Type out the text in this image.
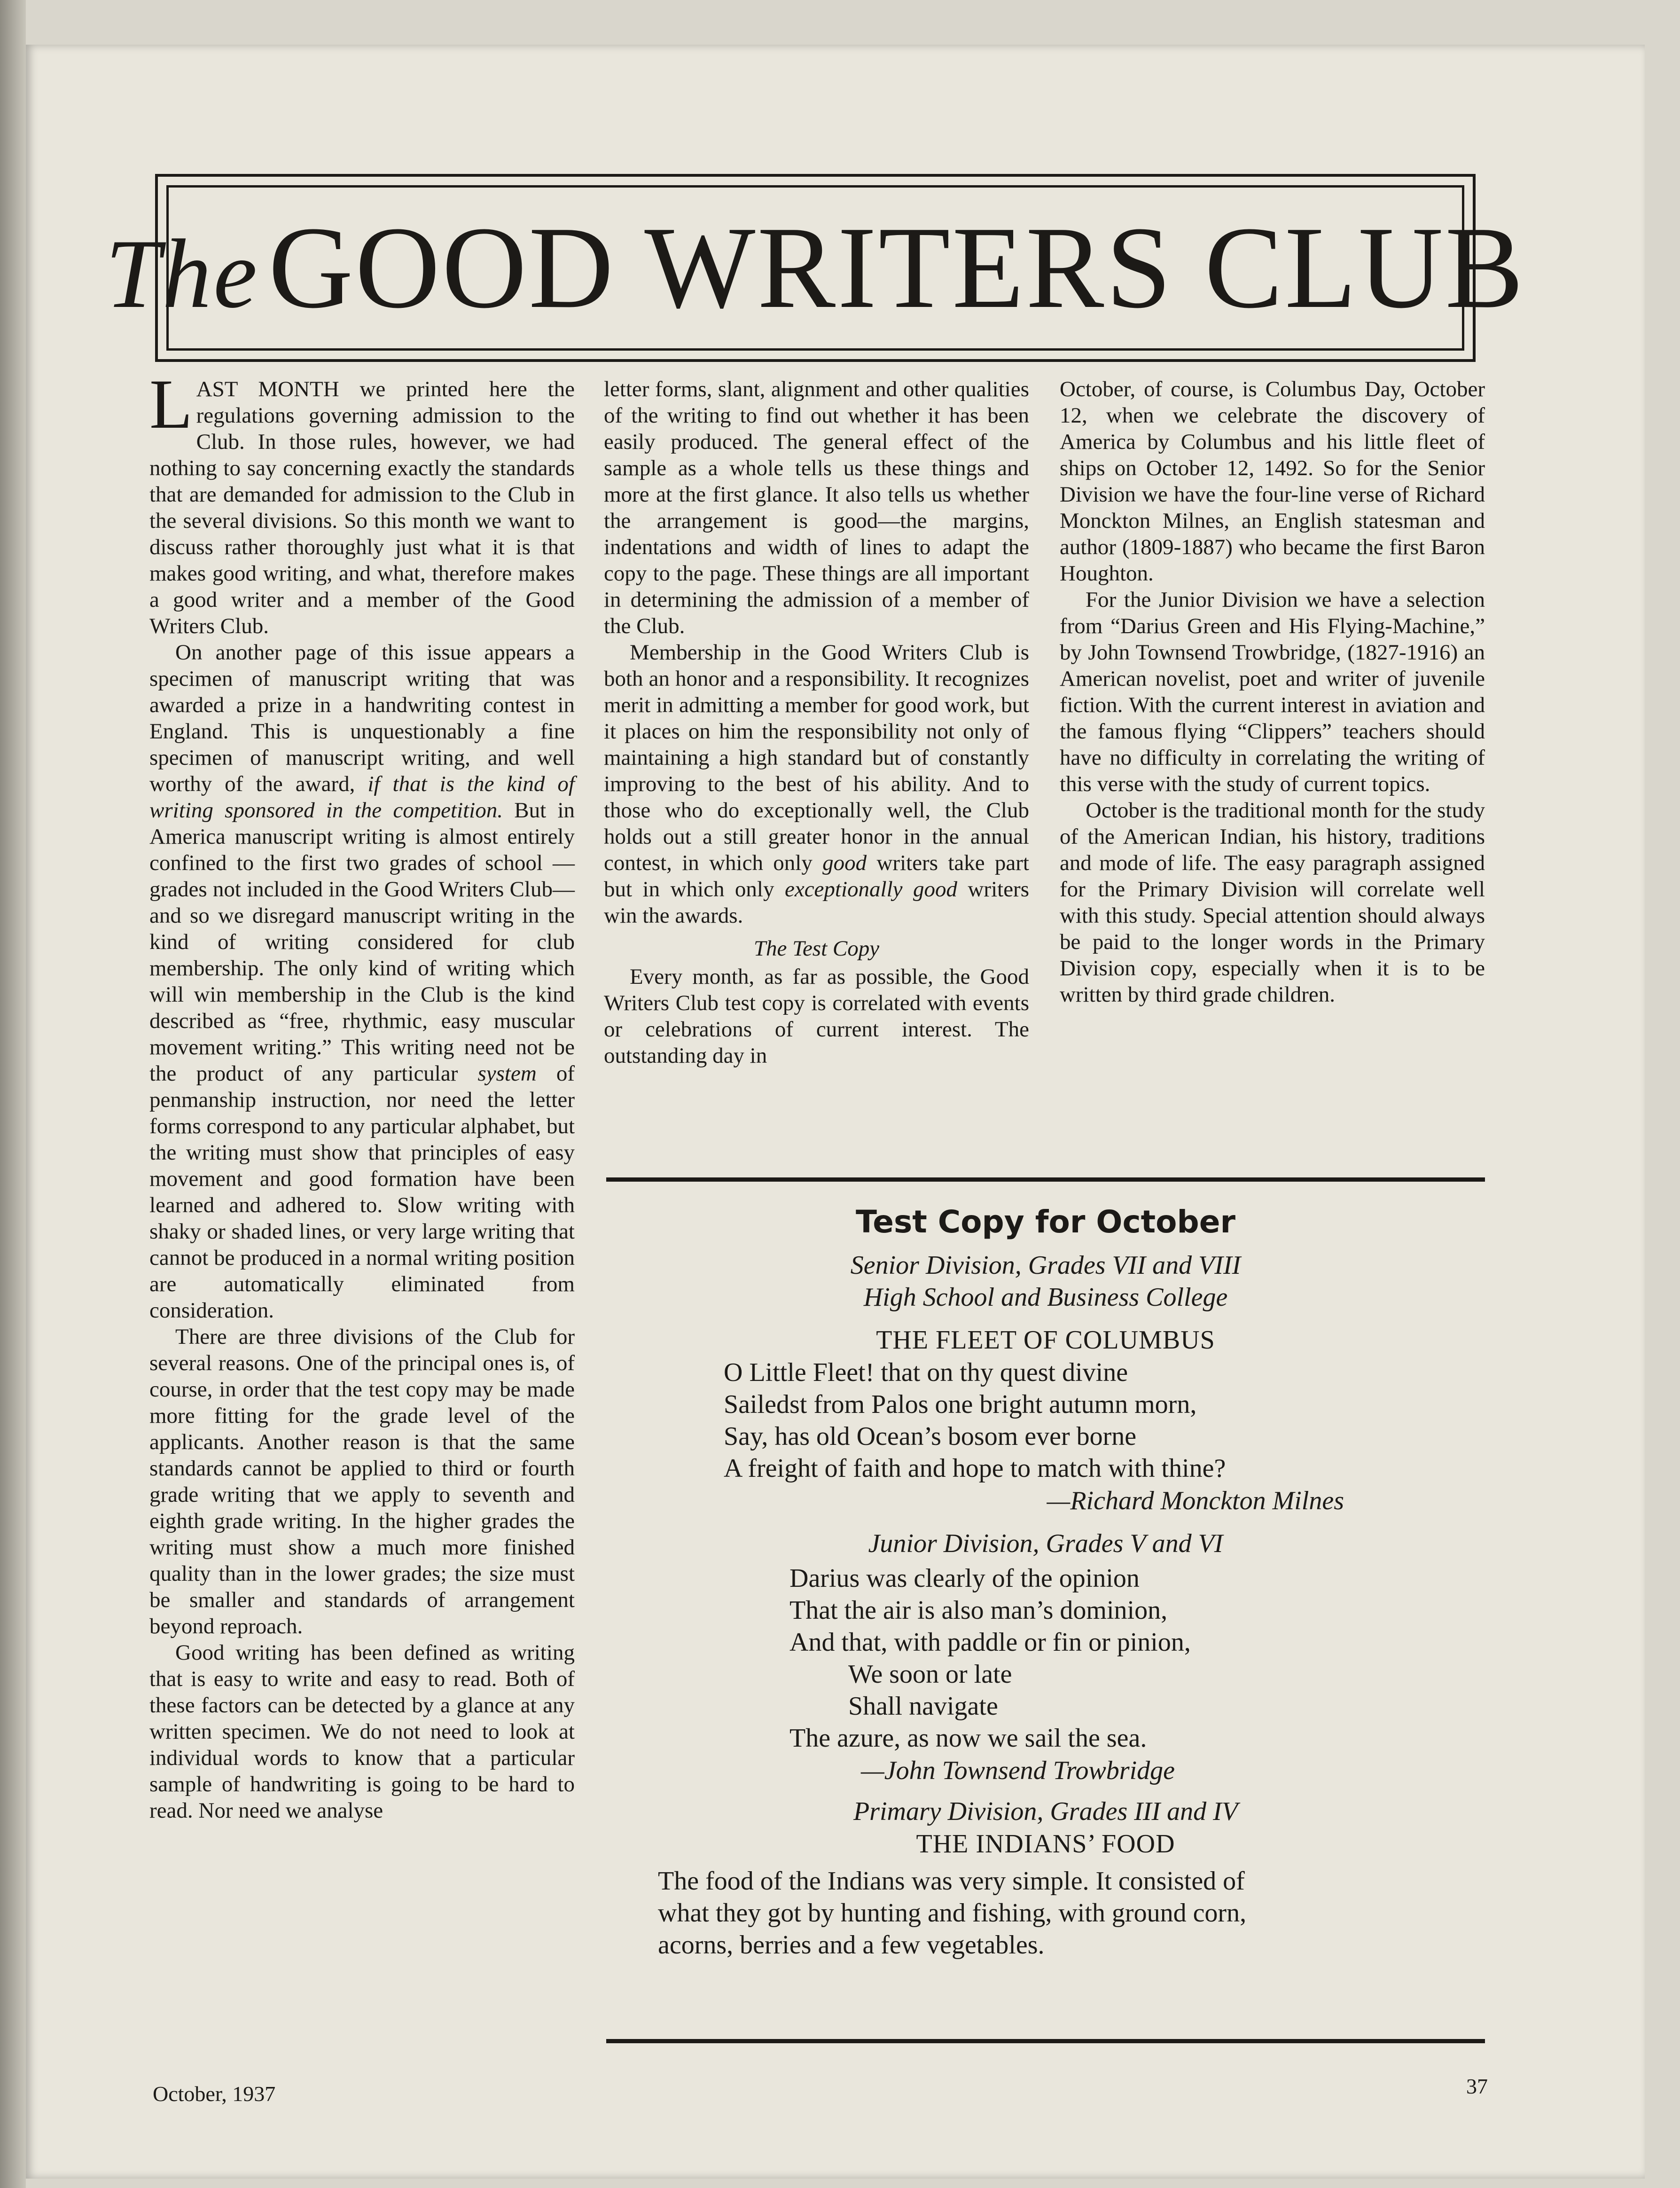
TheGOOD WRITERS CLUB

LAST MONTH we printed here the regulations governing admission to the Club. In those rules, however, we had nothing to say concerning exactly the standards that are demanded for admission to the Club in the several divisions. So this month we want to discuss rather thoroughly just what it is that makes good writing, and what, therefore makes a good writer and a member of the Good Writers Club.

On another page of this issue appears a specimen of manuscript writing that was awarded a prize in a handwriting contest in England. This is unquestionably a fine specimen of manuscript writing, and well worthy of the award, if that is the kind of writing sponsored in the competition. But in America manuscript writing is almost entirely confined to the first two grades of school — grades not included in the Good Writers Club—and so we disregard manuscript writing in the kind of writing considered for club membership. The only kind of writing which will win membership in the Club is the kind described as “free, rhythmic, easy muscular movement writing.” This writing need not be the product of any particular system of penmanship instruction, nor need the letter forms correspond to any particular alphabet, but the writing must show that principles of easy movement and good formation have been learned and adhered to. Slow writing with shaky or shaded lines, or very large writing that cannot be produced in a normal writing position are automatically eliminated from consideration.

There are three divisions of the Club for several reasons. One of the principal ones is, of course, in order that the test copy may be made more fitting for the grade level of the applicants. Another reason is that the same standards cannot be applied to third or fourth grade writing that we apply to seventh and eighth grade writing. In the higher grades the writing must show a much more finished quality than in the lower grades; the size must be smaller and standards of arrangement beyond reproach.

Good writing has been defined as writing that is easy to write and easy to read. Both of these factors can be detected by a glance at any written specimen. We do not need to look at individual words to know that a particular sample of handwriting is going to be hard to read. Nor need we analyse

letter forms, slant, alignment and other qualities of the writing to find out whether it has been easily produced. The general effect of the sample as a whole tells us these things and more at the first glance. It also tells us whether the arrangement is good—the margins, indentations and width of lines to adapt the copy to the page. These things are all important in determining the admission of a member of the Club.

Membership in the Good Writers Club is both an honor and a responsibility. It recognizes merit in admitting a member for good work, but it places on him the responsibility not only of maintaining a high standard but of constantly improving to the best of his ability. And to those who do exceptionally well, the Club holds out a still greater honor in the annual contest, in which only good writers take part but in which only exceptionally good writers win the awards.

The Test Copy

Every month, as far as possible, the Good Writers Club test copy is correlated with events or celebrations of current interest. The outstanding day in

October, of course, is Columbus Day, October 12, when we celebrate the discovery of America by Columbus and his little fleet of ships on October 12, 1492. So for the Senior Division we have the four-line verse of Richard Monckton Milnes, an English statesman and author (1809-1887) who became the first Baron Houghton.

For the Junior Division we have a selection from “Darius Green and His Flying-Machine,” by John Townsend Trowbridge, (1827-1916) an American novelist, poet and writer of juvenile fiction. With the current interest in aviation and the famous flying “Clippers” teachers should have no difficulty in correlating the writing of this verse with the study of current topics.

October is the traditional month for the study of the American Indian, his history, traditions and mode of life. The easy paragraph assigned for the Primary Division will correlate well with this study. Special attention should always be paid to the longer words in the Primary Division copy, especially when it is to be written by third grade children.

Test Copy for October
Senior Division, Grades VII and VIII
High School and Business College
THE FLEET OF COLUMBUS
O Little Fleet! that on thy quest divine
Sailedst from Palos one bright autumn morn,
Say, has old Ocean’s bosom ever borne
A freight of faith and hope to match with thine?
—Richard Monckton Milnes
Junior Division, Grades V and VI
Darius was clearly of the opinion
That the air is also man’s dominion,
And that, with paddle or fin or pinion,
We soon or late
Shall navigate
The azure, as now we sail the sea.
—John Townsend Trowbridge
Primary Division, Grades III and IV
THE INDIANS’ FOOD
The food of the Indians was very simple. It consisted of
what they got by hunting and fishing, with ground corn,
acorns, berries and a few vegetables.
October, 1937	37
